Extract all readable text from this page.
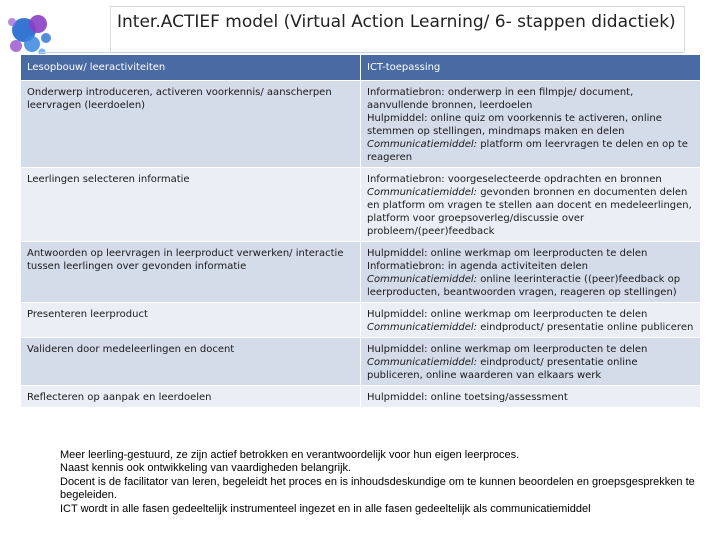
Inter.ACTIEF model (Virtual Action Learning/ 6- stappen didactiek)
Lesopbouw/ leeractiviteiten	ICT-toepassing
Onderwerp introduceren, activeren voorkennis/ aanscherpen leervragen (leerdoelen)	Informatiebron: onderwerp in een filmpje/ document, aanvullende bronnen, leerdoelen
Hulpmiddel: online quiz om voorkennis te activeren, online stemmen op stellingen, mindmaps maken en delen
Communicatiemiddel: platform om leervragen te delen en op te reageren

Leerlingen selecteren informatie	Informatiebron: voorgeselecteerde opdrachten en bronnen
Communicatiemiddel: gevonden bronnen en documenten delen en platform om vragen te stellen aan docent en medeleerlingen, platform voor groepsoverleg/discussie over probleem/(peer)feedback

Antwoorden op leervragen in leerproduct verwerken/ interactie tussen leerlingen over gevonden informatie	Hulpmiddel: online werkmap om leerproducten te delen
Informatiebron: in agenda activiteiten delen
Communicatiemiddel: online leerinteractie ((peer)feedback op leerproducten, beantwoorden vragen, reageren op stellingen)

Presenteren leerproduct	Hulpmiddel: online werkmap om leerproducten te delen
Communicatiemiddel: eindproduct/ presentatie online publiceren

Valideren door medeleerlingen en docent	Hulpmiddel: online werkmap om leerproducten te delen
Communicatiemiddel: eindproduct/ presentatie online publiceren, online waarderen van elkaars werk

Reflecteren op aanpak en leerdoelen	Hulpmiddel: online toetsing/assessment

Meer leerling-gestuurd, ze zijn actief betrokken en verantwoordelijk voor hun eigen leerproces.

Naast kennis ook ontwikkeling van vaardigheden belangrijk.

Docent is de facilitator van leren, begeleidt het proces en is inhoudsdeskundige om te kunnen beoordelen en groepsgesprekken te begeleiden.

ICT wordt in alle fasen gedeeltelijk instrumenteel ingezet en in alle fasen gedeeltelijk als communicatiemiddel
